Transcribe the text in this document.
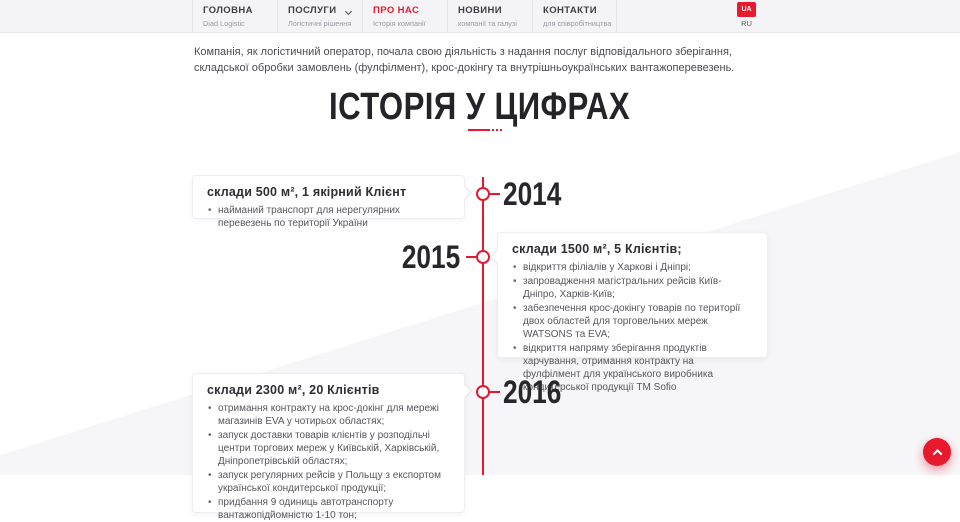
ГОЛОВНА
Diad Logistic
ПОСЛУГИ
Логістичні рішення
ПРО НАС
Історія компанії
НОВИНИ
компанії та галузі
КОНТАКТИ
для співробітництва
UA
RU

Компанія, як логістичний оператор, почала свою діяльність з надання послуг відповідального зберігання, складської обробки замовлень (фулфілмент), крос-докінгу та внутрішньоукраїнських вантажоперевезень.

ІСТОРІЯ У ЦИФРАХ
склади 500 м², 1 якірний Клієнт
• найманий транспорт для нерегулярних перевезень по території України
2014
2015	склади 1500 м², 5 Клієнтів;
• відкриття філіалів у Харкові і Дніпрі;
• запровадження магістральних рейсів Київ-Дніпро, Харків-Київ;
• забезпечення крос-докінгу товарів по території двох областей для торговельних мереж WATSONS та EVA;
• відкриття напряму зберігання продуктів харчування, отримання контракту на фулфілмент для українського виробника кондитерської продукції TM Sofio
склади 2300 м², 20 Клієнтів
• отримання контракту на крос-докінг для мережі магазинів EVA у чотирьох областях;
• запуск доставки товарів клієнтів у розподільчі центри торгових мереж у Київській, Харківській, Дніпропетрівській областях;
• запуск регулярних рейсів у Польщу з експортом української кондитерської продукції;
• придбання 9 одиниць автотранспорту вантажопідйомністю 1-10 тон;
2016
